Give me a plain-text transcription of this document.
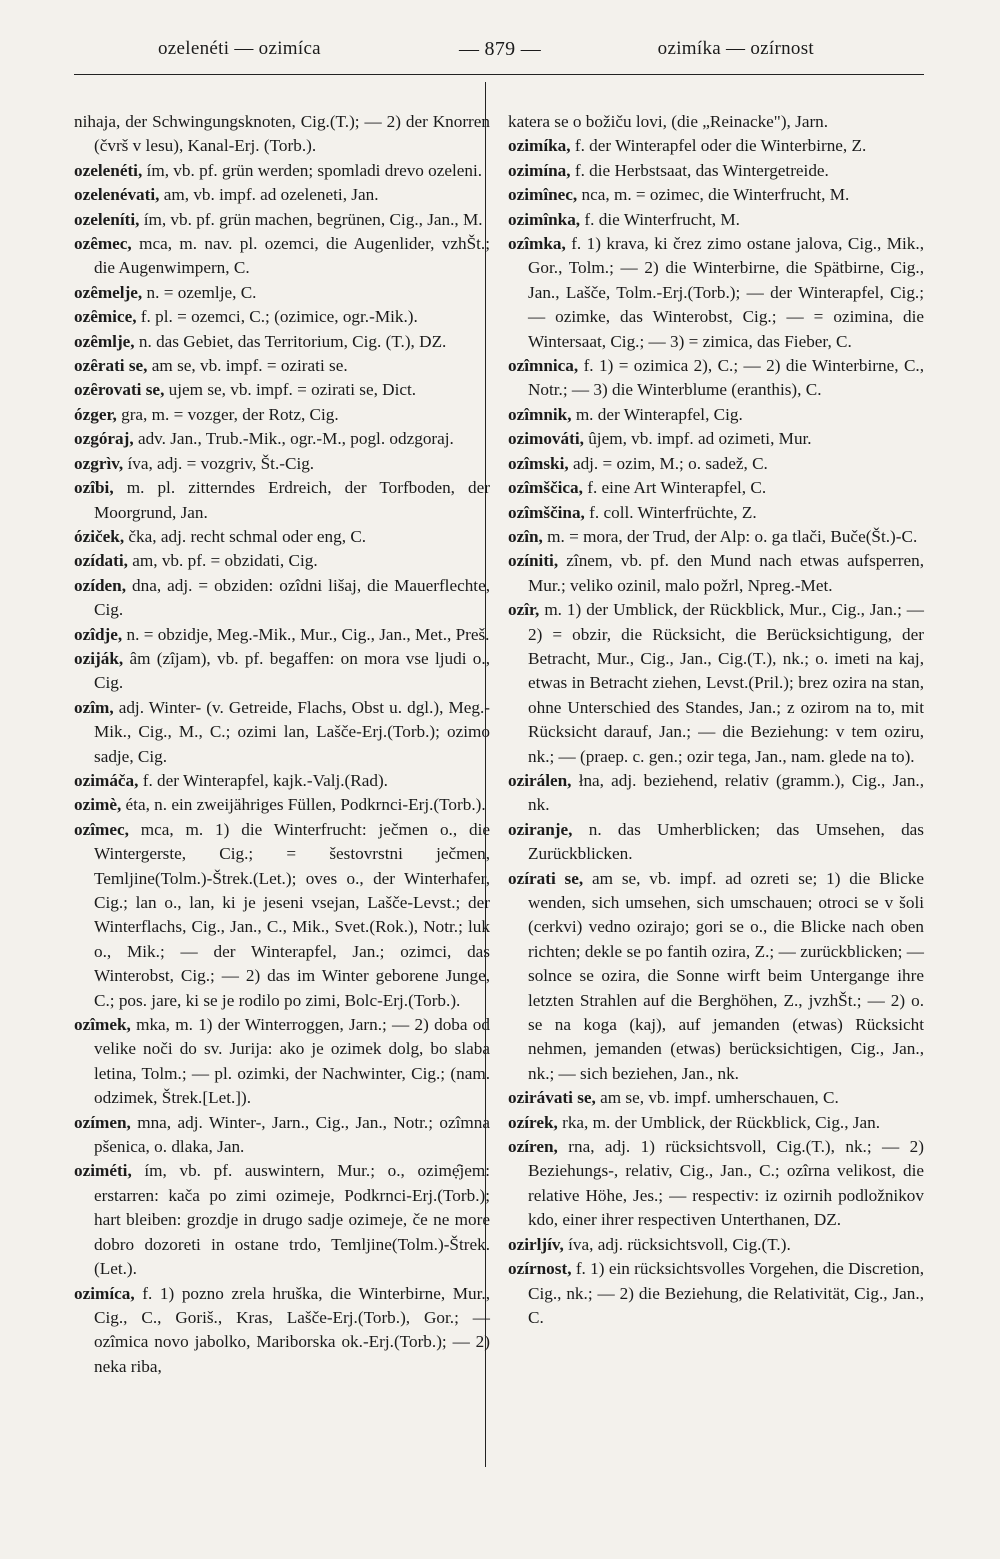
— 879 —
ozelenéti — ozimíca	ozimíka — ozírnost

nihaja, der Schwingungsknoten, Cig.(T.); — 2) der Knorren (čvrš v lesu), Kanal-Erj. (Torb.).

ozelenéti, ím, vb. pf. grün werden; spomladi drevo ozeleni.

ozelenévati, am, vb. impf. ad ozeleneti, Jan.

ozeleníti, ím, vb. pf. grün machen, begrünen, Cig., Jan., M.

ozȇmec, mca, m. nav. pl. ozemci, die Augenlider, vzhŠt.; die Augenwimpern, C.

ozȇmelje, n. = ozemlje, C.

ozȇmice, f. pl. = ozemci, C.; (ozimice, ogr.-Mik.).

ozȇmlje, n. das Gebiet, das Territorium, Cig. (T.), DZ.

ozȇrati se, am se, vb. impf. = ozirati se.

ozȇrovati se, ujem se, vb. impf. = ozirati se, Dict.

ózger, gra, m. = vozger, der Rotz, Cig.

ozgóraj, adv. Jan., Trub.-Mik., ogr.-M., pogl. odzgoraj.

ozgrìv, íva, adj. = vozgriv, Št.-Cig.

ozîbi, m. pl. zitterndes Erdreich, der Torfboden, der Moorgrund, Jan.

óziček, čka, adj. recht schmal oder eng, C.

ozídati, am, vb. pf. = obzidati, Cig.

ozíden, dna, adj. = obziden: ozîdni lišaj, die Mauerflechte, Cig.

ozîdje, n. = obzidje, Meg.-Mik., Mur., Cig., Jan., Met., Preš.

oziják, âm (zîjam), vb. pf. begaffen: on mora vse ljudi o., Cig.

ozîm, adj. Winter- (v. Getreide, Flachs, Obst u. dgl.), Meg.-Mik., Cig., M., C.; ozimi lan, Lašče-Erj.(Torb.); ozimo sadje, Cig.

ozimáča, f. der Winterapfel, kajk.-Valj.(Rad).

ozimè, éta, n. ein zweijähriges Füllen, Podkrnci-Erj.(Torb.).

ozîmec, mca, m. 1) die Winterfrucht: ječmen o., die Wintergerste, Cig.; = šestovrstni ječmen, Temljine(Tolm.)-Štrek.(Let.); oves o., der Winterhafer, Cig.; lan o., lan, ki je jeseni vsejan, Lašče-Levst.; der Winterflachs, Cig., Jan., C., Mik., Svet.(Rok.), Notr.; luk o., Mik.; — der Winterapfel, Jan.; ozimci, das Winterobst, Cig.; — 2) das im Winter geborene Junge, C.; pos. jare, ki se je rodilo po zimi, Bolc-Erj.(Torb.).

ozîmek, mka, m. 1) der Winterroggen, Jarn.; — 2) doba od velike noči do sv. Jurija: ako je ozimek dolg, bo slaba letina, Tolm.; — pl. ozimki, der Nachwinter, Cig.; (nam. odzimek, Štrek.[Let.]).

ozímen, mna, adj. Winter-, Jarn., Cig., Jan., Notr.; ozîmna pšenica, o. dlaka, Jan.

oziméti, ím, vb. pf. auswintern, Mur.; o., ozimẹ̑jem: erstarren: kača po zimi ozimeje, Podkrnci-Erj.(Torb.); hart bleiben: grozdje in drugo sadje ozimeje, če ne more dobro dozoreti in ostane trdo, Temljine(Tolm.)-Štrek.(Let.).

ozimíca, f. 1) pozno zrela hruška, die Winterbirne, Mur., Cig., C., Goriš., Kras, Lašče-Erj.(Torb.), Gor.; — ozîmica novo jabolko, Mariborska ok.-Erj.(Torb.); — 2) neka riba,

katera se o božiču lovi, (die „Reinacke"), Jarn.

ozimíka, f. der Winterapfel oder die Winterbirne, Z.

ozimína, f. die Herbstsaat, das Wintergetreide.

ozimînec, nca, m. = ozimec, die Winterfrucht, M.

ozimînka, f. die Winterfrucht, M.

ozîmka, f. 1) krava, ki črez zimo ostane jalova, Cig., Mik., Gor., Tolm.; — 2) die Winterbirne, die Spätbirne, Cig., Jan., Lašče, Tolm.-Erj.(Torb.); — der Winterapfel, Cig.; — ozimke, das Winterobst, Cig.; — = ozimina, die Wintersaat, Cig.; — 3) = zimica, das Fieber, C.

ozîmnica, f. 1) = ozimica 2), C.; — 2) die Winterbirne, C., Notr.; — 3) die Winterblume (eranthis), C.

ozîmnik, m. der Winterapfel, Cig.

ozimováti, ûjem, vb. impf. ad ozimeti, Mur.

ozîmski, adj. = ozim, M.; o. sadež, C.

ozîmščica, f. eine Art Winterapfel, C.

ozîmščina, f. coll. Winterfrüchte, Z.

ozîn, m. = mora, der Trud, der Alp: o. ga tlači, Buče(Št.)-C.

ozíniti, zînem, vb. pf. den Mund nach etwas aufsperren, Mur.; veliko ozinil, malo požrl, Npreg.-Met.

ozîr, m. 1) der Umblick, der Rückblick, Mur., Cig., Jan.; — 2) = obzir, die Rücksicht, die Berücksichtigung, der Betracht, Mur., Cig., Jan., Cig.(T.), nk.; o. imeti na kaj, etwas in Betracht ziehen, Levst.(Pril.); brez ozira na stan, ohne Unterschied des Standes, Jan.; z ozirom na to, mit Rücksicht darauf, Jan.; — die Beziehung: v tem oziru, nk.; — (praep. c. gen.; ozir tega, Jan., nam. glede na to).

ozirálen, łna, adj. beziehend, relativ (gramm.), Cig., Jan., nk.

oziranje, n. das Umherblicken; das Umsehen, das Zurückblicken.

ozírati se, am se, vb. impf. ad ozreti se; 1) die Blicke wenden, sich umsehen, sich umschauen; otroci se v šoli (cerkvi) vedno ozirajo; gori se o., die Blicke nach oben richten; dekle se po fantih ozira, Z.; — zurückblicken; — solnce se ozira, die Sonne wirft beim Untergange ihre letzten Strahlen auf die Berghöhen, Z., jvzhŠt.; — 2) o. se na koga (kaj), auf jemanden (etwas) Rücksicht nehmen, jemanden (etwas) berücksichtigen, Cig., Jan., nk.; — sich beziehen, Jan., nk.

ozirávati se, am se, vb. impf. umherschauen, C.

ozírek, rka, m. der Umblick, der Rückblick, Cig., Jan.

ozíren, rna, adj. 1) rücksichtsvoll, Cig.(T.), nk.; — 2) Beziehungs-, relativ, Cig., Jan., C.; ozîrna velikost, die relative Höhe, Jes.; — respectiv: iz ozirnih podložnikov kdo, einer ihrer respectiven Unterthanen, DZ.

ozirljív, íva, adj. rücksichtsvoll, Cig.(T.).

ozírnost, f. 1) ein rücksichtsvolles Vorgehen, die Discretion, Cig., nk.; — 2) die Beziehung, die Relativität, Cig., Jan., C.
